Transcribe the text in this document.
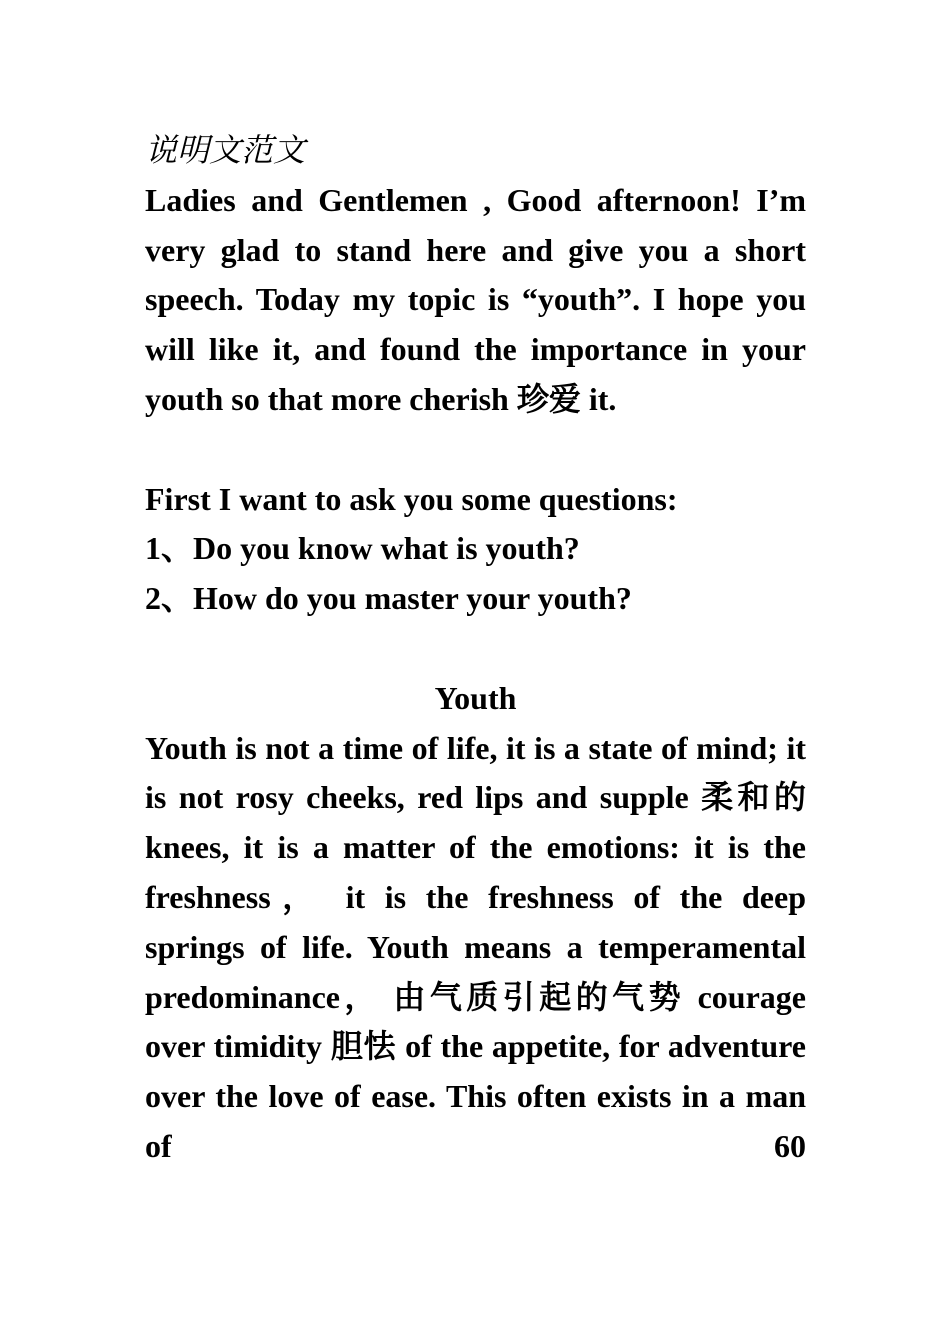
说明文范文

Ladies and Gentlemen , Good afternoon! I’m very glad to stand here and give you a short speech. Today my topic is “youth”. I hope you will like it, and found the importance in your youth so that more cherish 珍爱 it.

First I want to ask you some questions:

1、Do you know what is youth?

2、How do you master your youth?

Youth

Youth is not a time of life, it is a state of mind; it is not rosy cheeks, red lips and supple 柔和的 knees, it is a matter of the emotions: it is the freshness， it is the freshness of the deep springs of life. Youth means a temperamental predominance， 由气质引起的气势 courage over timidity 胆怯 of the appetite, for adventure over the love of ease. This often exists in a man of 60
